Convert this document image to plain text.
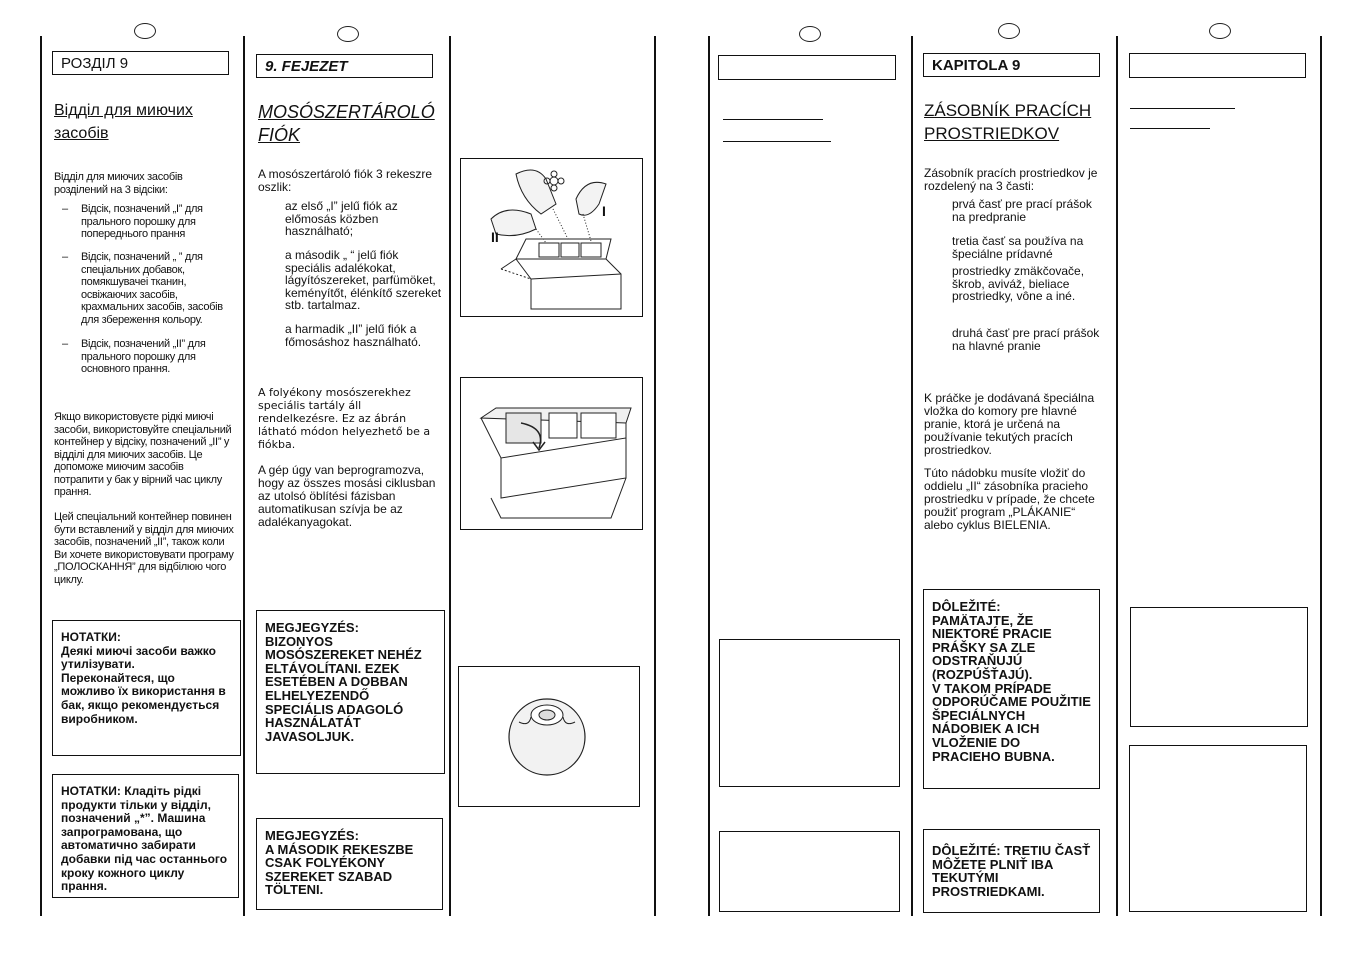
РОЗДІЛ 9
Відділ для миючих засобів
Відділ для миючих засобів розділений на 3 відсіки:
– Відсік, позначений „I” для прального порошку для попереднього прання
– Відсік, позначений „ ” для спеціальних добавок, помякшувачеі тканин, освіжаючих засобів, крахмальних засобів, засобів для збереження кольору.
– Відсік, позначений „II” для прального порошку для основного прання.
Якщо використовуєте рідкі миючі засоби, використовуйте спеціальний контейнер у відсіку, позначений „II” у відділі для миючих засобів. Це допоможе миючим засобів потрапити у бак у вірний час циклу прання.
Цей спеціальний контейнер повинен бути вставлений у відділ для миючих засобів, позначений „II”, також коли Ви хочете використовувати програму „ПОЛОСКАННЯ” для відбілюю чого циклу.
НОТАТКИ:
Деякі миючі засоби важко утилізувати.
Переконайтеся, що можливо їх використання в бак, якщо рекомендується виробником.
НОТАТКИ: Кладіть рідкі продукти тільки у відділ, позначений „*”. Машина запрограмована, що автоматично забирати добавки під час останнього кроку кожного циклу прання.
9. FEJEZET
MOSÓSZERTÁROLÓ FIÓK
A mosószertároló fiók 3 rekeszre oszlik:
az első „I” jelű fiók az előmosás közben használható;
a második „ “ jelű fiók speciális adalékokat, lágyítószereket, parfümöket, keményítőt, élénkítő szereket stb. tartalmaz.
a harmadik „II” jelű fiók a főmosáshoz használható.
A folyékony mosószerekhez speciális tartály áll rendelkezésre. Ez az ábrán látható módon helyezhető be a fiókba.
A gép úgy van beprogramozva, hogy az összes mosási ciklusban az utolsó öblítési fázisban automatikusan szívja be az adalékanyagokat.
MEGJEGYZÉS:
BIZONYOS MOSÓSZEREKET NEHÉZ ELTÁVOLÍTANI. EZEK ESETÉBEN A DOBBAN ELHELYEZENDŐ SPECIÁLIS ADAGOLÓ HASZNÁLATÁT JAVASOLJUK.
MEGJEGYZÉS:
A MÁSODIK REKESZBE CSAK FOLYÉKONY SZEREKET SZABAD TÖLTENI.
I
II
KAPITOLA 9
ZÁSOBNÍK PRACÍCH PROSTRIEDKOV
Zásobník pracích prostriedkov je rozdelený na 3 časti:
prvá časť pre prací prášok na predpranie
tretia časť sa používa na špeciálne prídavné
prostriedky zmäkčovače, škrob, aviváž, bieliace prostriedky, vône a iné.
druhá časť pre prací prášok na hlavné pranie
K práčke je dodávaná špeciálna vložka do komory pre hlavné pranie, ktorá je určená na používanie tekutých pracích prostriedkov.
Túto nádobku musíte vložiť do oddielu „II“ zásobníka pracieho prostriedku v prípade, že chcete použiť program „PLÁKANIE“ alebo cyklus BIELENIA.
DÔLEŽITÉ:
PAMÄTAJTE, ŽE NIEKTORÉ PRACIE PRÁŠKY SA ZLE ODSTRAŇUJÚ (ROZPÚŠŤAJÚ).
V TAKOM PRÍPADE ODPORÚČAME POUŽITIE ŠPECIÁLNYCH NÁDOBIEK A ICH VLOŽENIE DO PRACIEHO BUBNA.
DÔLEŽITÉ: TRETIU ČASŤ MÔŽETE PLNIŤ IBA TEKUTÝMI PROSTRIEDKAMI.
